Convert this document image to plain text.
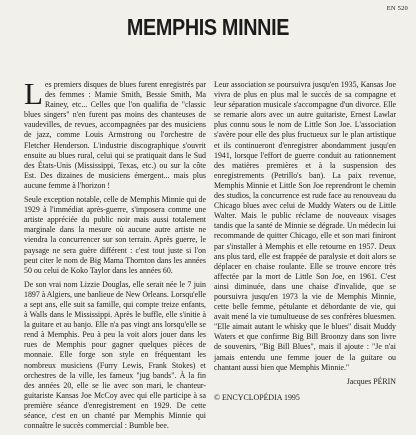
EN 520
MEMPHIS MINNIE

Les premiers disques de blues furent enregistrés par des femmes : Mamie Smith, Bessie Smith, Ma Rainey, etc... Celles que l'on qualifia de "classic blues singers" n'en furent pas moins des chanteuses de vaudevilles, de revues, accompagnées par des musiciens de jazz, comme Louis Armstrong ou l'orchestre de Fletcher Henderson. L'industrie discographique s'ouvrit ensuite au blues rural, celui qui se pratiquait dans le Sud des États-Unis (Mississippi, Texas, etc.) ou sur la côte Est. Des dizaines de musiciens émergent... mais plus aucune femme à l'horizon !

Seule exception notable, celle de Memphis Minnie qui de 1929 à l'immédiat après-guerre, s'imposera comme une artiste appréciée du public noir mais aussi totalement marginale dans la mesure où aucune autre artiste ne viendra la concurrencer sur son terrain. Après guerre, le paysage ne sera guère différent : c'est tout juste si l'on peut citer le nom de Big Mama Thornton dans les années 50 ou celui de Koko Taylor dans les années 60.

De son vrai nom Lizzie Douglas, elle serait née le 7 juin 1897 à Algiers, une banlieue de New Orleans. Lorsqu'elle a sept ans, elle suit sa famille, qui compte treize enfants, à Walls dans le Mississippi. Après le buffle, elle s'initie à la guitare et au banjo. Elle n'a pas vingt ans lorsqu'elle se rend à Memphis. Peu à peu la voit alors jouer dans les rues de Memphis pour gagner quelques pièces de monnaie. Elle forge son style en fréquentant les nombreux musiciens (Furry Lewis, Frank Stokes) et orchestres de la ville, les fameux "jug bands". À la fin des années 20, elle se lie avec son mari, le chanteur-guitariste Kansas Joe McCoy avec qui elle participe à sa première séance d'enregistrement en 1929. De cette séance, c'est en un chanté par Memphis Minnie qui connaître le succès commercial : Bumble bee.

Leur association se poursuivra jusqu'en 1935, Kansas Joe vivra de plus en plus mal le succès de sa compagne et leur séparation musicale s'accompagne d'un divorce. Elle se remarie alors avec un autre guitariste, Ernest Lawlar plus connu sous le nom de Little Son Joe. L'association s'avère pour elle des plus fructueux sur le plan artistique et ils continueront d'enregistrer abondamment jusqu'en 1941, lorsque l'effort de guerre conduit au rationnement des matières premières et à la suspension des enregistrements (Petrillo's ban). La paix revenue, Memphis Minnie et Little Son Joe reprendront le chemin des studios, la concurrence est rude face au renouveau du Chicago blues avec celui de Muddy Waters ou de Little Walter. Mais le public réclame de nouveaux visages tandis que la santé de Minnie se dégrade. Un médecin lui recommande de quitter Chicago, elle et son mari finiront par s'installer à Memphis et elle retourne en 1957. Deux ans plus tard, elle est frappée de paralysie et doit alors se déplacer en chaise roulante. Elle se trouve encore très affectée par la mort de Little Son Joe, en 1961. C'est ainsi diminuée, dans une chaise d'invalide, que se poursuivra jusqu'en 1973 la vie de Memphis Minnie, cette belle femme, pétulante et débordante de vie, qui avait mené la vie tumultueuse de ses confrères bluesmen. "Elle aimait autant le whisky que le blues" disait Muddy Waters et que confirme Big Bill Broonzy dans son livre de souvenirs, "Big Bill Blues", mais il ajoute : "Je n'ai jamais entendu une femme jouer de la guitare ou chantant aussi bien que Memphis Minnie."

Jacques PÉRIN
© ENCYCLOPÉDIA 1995
